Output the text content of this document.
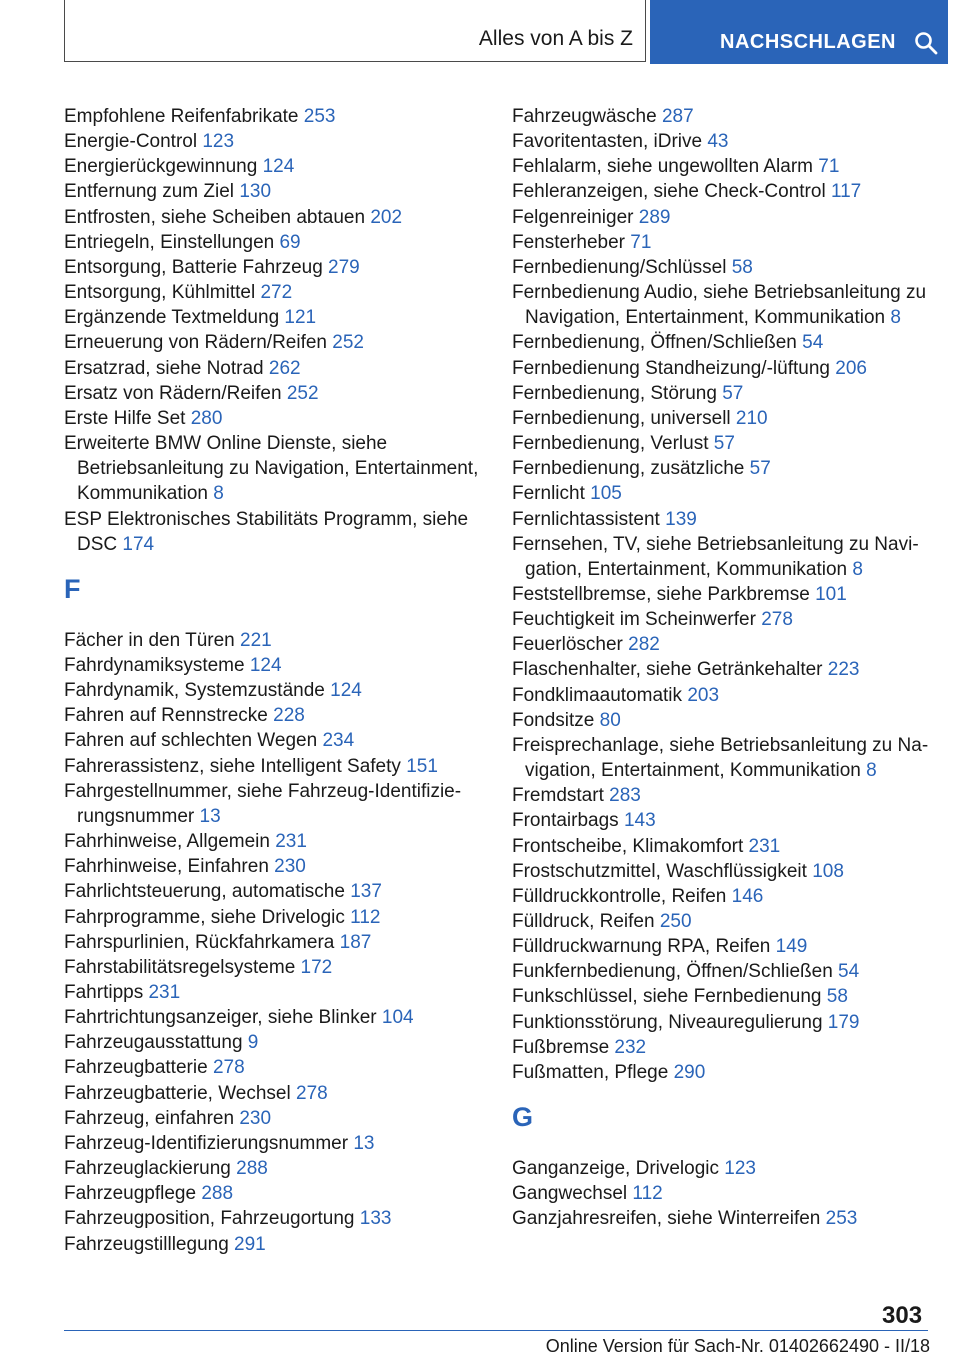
Alles von A bis Z	NACHSCHLAGEN
Empfohlene Reifenfabrikate 253
Energie-Control 123
Energierückgewinnung 124
Entfernung zum Ziel 130
Entfrosten, siehe Scheiben abtauen 202
Entriegeln, Einstellungen 69
Entsorgung, Batterie Fahrzeug 279
Entsorgung, Kühlmittel 272
Ergänzende Textmeldung 121
Erneuerung von Rädern/Reifen 252
Ersatzrad, siehe Notrad 262
Ersatz von Rädern/Reifen 252
Erste Hilfe Set 280
Erweiterte BMW Online Dienste, siehe Betriebsanleitung zu Navigation, Entertainment, Kommunikation 8
ESP Elektronisches Stabilitäts Programm, siehe DSC 174
F
Fächer in den Türen 221
Fahrdynamiksysteme 124
Fahrdynamik, Systemzustände 124
Fahren auf Rennstrecke 228
Fahren auf schlechten Wegen 234
Fahrerassistenz, siehe Intelligent Safety 151
Fahrgestellnummer, siehe Fahrzeug-Identifizierungsnummer 13
Fahrhinweise, Allgemein 231
Fahrhinweise, Einfahren 230
Fahrlichtsteuerung, automatische 137
Fahrprogramme, siehe Drivelogic 112
Fahrspurlinien, Rückfahrkamera 187
Fahrstabilitätsregelsysteme 172
Fahrtipps 231
Fahrtrichtungsanzeiger, siehe Blinker 104
Fahrzeugausstattung 9
Fahrzeugbatterie 278
Fahrzeugbatterie, Wechsel 278
Fahrzeug, einfahren 230
Fahrzeug-Identifizierungsnummer 13
Fahrzeuglackierung 288
Fahrzeugpflege 288
Fahrzeugposition, Fahrzeugortung 133
Fahrzeugstilllegung 291
Fahrzeugwäsche 287
Favoritentasten, iDrive 43
Fehlalarm, siehe ungewollten Alarm 71
Fehleranzeigen, siehe Check-Control 117
Felgenreiniger 289
Fensterheber 71
Fernbedienung/Schlüssel 58
Fernbedienung Audio, siehe Betriebsanleitung zu Navigation, Entertainment, Kommunikation 8
Fernbedienung, Öffnen/Schließen 54
Fernbedienung Standheizung/-lüftung 206
Fernbedienung, Störung 57
Fernbedienung, universell 210
Fernbedienung, Verlust 57
Fernbedienung, zusätzliche 57
Fernlicht 105
Fernlichtassistent 139
Fernsehen, TV, siehe Betriebsanleitung zu Navigation, Entertainment, Kommunikation 8
Feststellbremse, siehe Parkbremse 101
Feuchtigkeit im Scheinwerfer 278
Feuerlöscher 282
Flaschenhalter, siehe Getränkehalter 223
Fondklimaautomatik 203
Fondsitze 80
Freisprechanlage, siehe Betriebsanleitung zu Navigation, Entertainment, Kommunikation 8
Fremdstart 283
Frontairbags 143
Frontscheibe, Klimakomfort 231
Frostschutzmittel, Waschflüssigkeit 108
Fülldruckkontrolle, Reifen 146
Fülldruck, Reifen 250
Fülldruckwarnung RPA, Reifen 149
Funkfernbedienung, Öffnen/Schließen 54
Funkschlüssel, siehe Fernbedienung 58
Funktionsstörung, Niveauregulierung 179
Fußbremse 232
Fußmatten, Pflege 290
G
Ganganzeige, Drivelogic 123
Gangwechsel 112
Ganzjahresreifen, siehe Winterreifen 253
303
Online Version für Sach-Nr. 01402662490 - II/18
